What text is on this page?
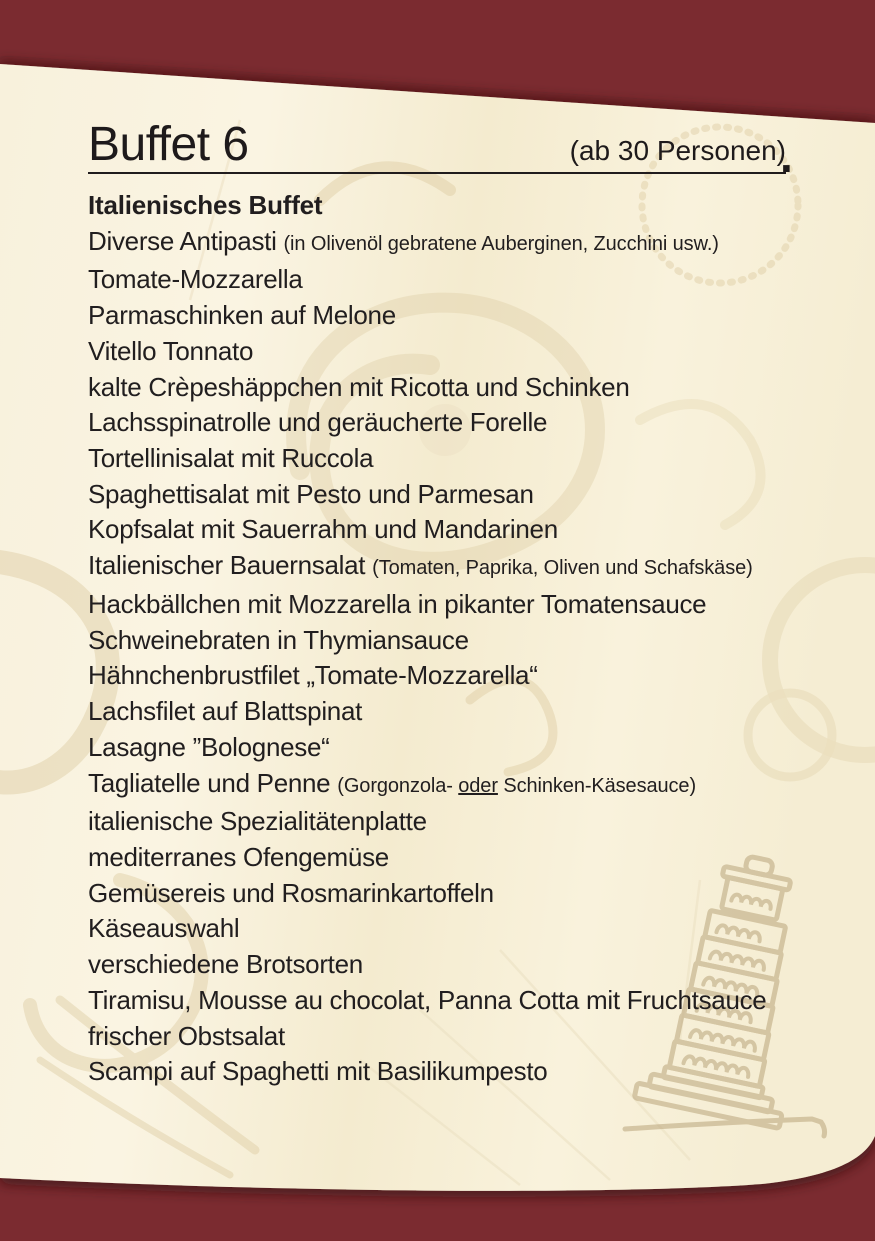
Buffet 6	(ab 30 Personen)
.
Italienisches Buffet
Diverse Antipasti (in Olivenöl gebratene Auberginen, Zucchini usw.)
Tomate-Mozzarella
Parmaschinken auf Melone
Vitello Tonnato
kalte Crèpeshäppchen mit Ricotta und Schinken
Lachsspinatrolle und geräucherte Forelle
Tortellinisalat mit Ruccola
Spaghettisalat mit Pesto und Parmesan
Kopfsalat mit Sauerrahm und Mandarinen
Italienischer Bauernsalat (Tomaten, Paprika, Oliven und Schafskäse)
Hackbällchen mit Mozzarella in pikanter Tomatensauce
Schweinebraten in Thymiansauce
Hähnchenbrustfilet „Tomate-Mozzarella“
Lachsfilet auf Blattspinat
Lasagne ”Bolognese“
Tagliatelle und Penne (Gorgonzola- oder Schinken-Käsesauce)
italienische Spezialitätenplatte
mediterranes Ofengemüse
Gemüsereis und Rosmarinkartoffeln
Käseauswahl
verschiedene Brotsorten
Tiramisu, Mousse au chocolat, Panna Cotta mit Fruchtsauce
frischer Obstsalat
Scampi auf Spaghetti mit Basilikumpesto
